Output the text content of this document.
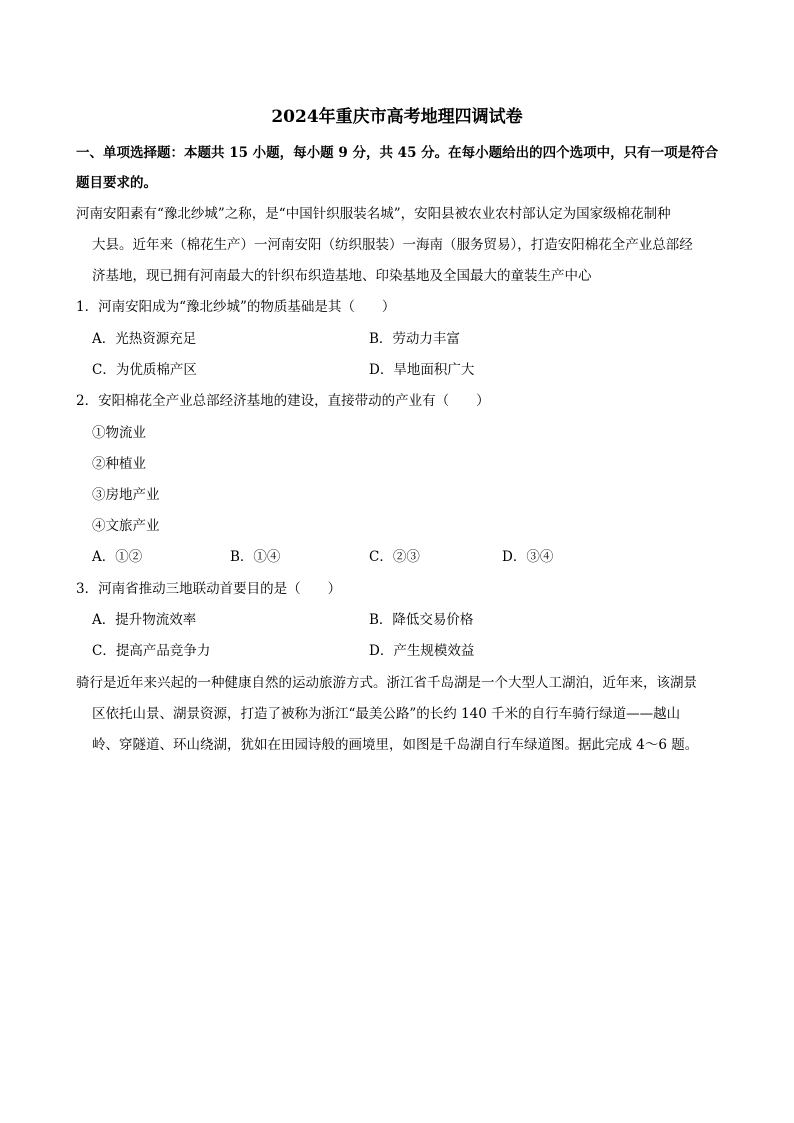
2024年重庆市高考地理四调试卷
一、单项选择题：本题共 15 小题，每小题 9 分，共 45 分。在每小题给出的四个选项中，只有一项是符合
题目要求的。
河南安阳素有“豫北纱城”之称，是“中国针织服装名城”，安阳县被农业农村部认定为国家级棉花制种
大县。近年来（棉花生产）一河南安阳（纺织服装）一海南（服务贸易），打造安阳棉花全产业总部经
济基地，现已拥有河南最大的针织布织造基地、印染基地及全国最大的童装生产中心
1．河南安阳成为“豫北纱城”的物质基础是其（　　）
A．光热资源充足	B．劳动力丰富
C．为优质棉产区	D．旱地面积广大
2．安阳棉花全产业总部经济基地的建设，直接带动的产业有（　　）
①物流业
②种植业
③房地产业
④文旅产业
A．①②	B．①④	C．②③	D．③④
3．河南省推动三地联动首要目的是（　　）
A．提升物流效率	B．降低交易价格
C．提高产品竞争力	D．产生规模效益
骑行是近年来兴起的一种健康自然的运动旅游方式。浙江省千岛湖是一个大型人工湖泊，近年来，该湖景
区依托山景、湖景资源，打造了被称为浙江“最美公路”的长约 140 千米的自行车骑行绿道——越山
岭、穿隧道、环山绕湖，犹如在田园诗般的画境里，如图是千岛湖自行车绿道图。据此完成 4～6 题。
